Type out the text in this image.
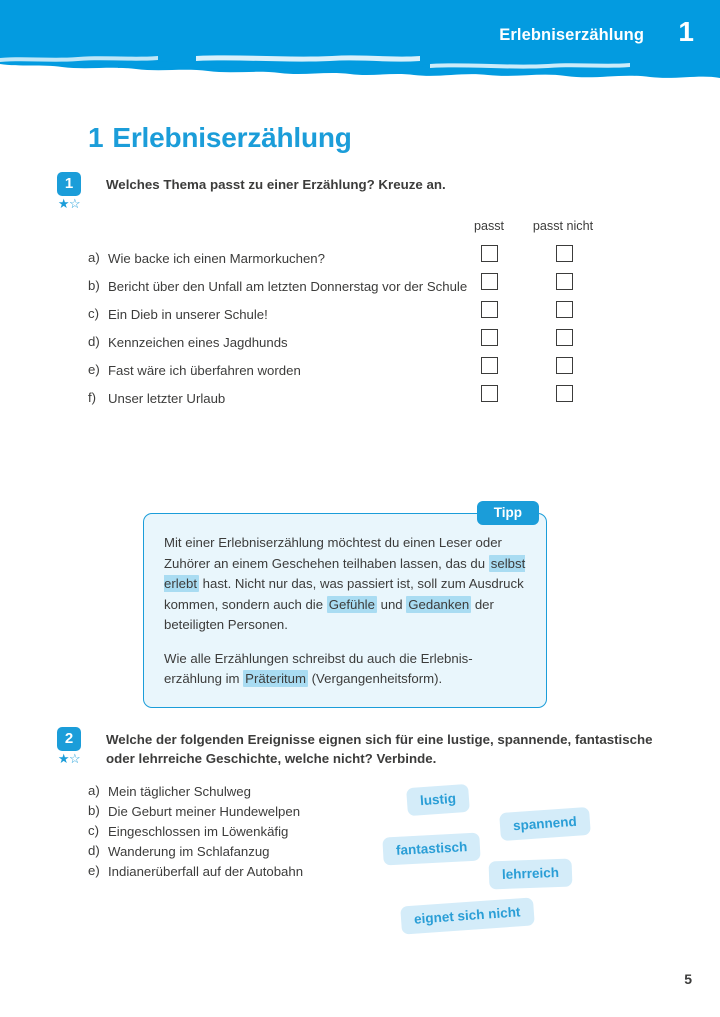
Erlebniserzählung 1
1 Erlebniserzählung
1
★☆
Welches Thema passt zu einer Erzählung? Kreuze an.
passt	passt nicht
a) Wie backe ich einen Marmorkuchen?
b) Bericht über den Unfall am letzten Donnerstag vor der Schule
c) Ein Dieb in unserer Schule!
d) Kennzeichen eines Jagdhunds
e) Fast wäre ich überfahren worden
f) Unser letzter Urlaub
Tipp

Mit einer Erlebniserzählung möchtest du einen Leser oder Zuhörer an einem Geschehen teilhaben lassen, das du selbst erlebt hast. Nicht nur das, was passiert ist, soll zum Ausdruck kommen, sondern auch die Gefühle und Gedanken der beteiligten Personen.

Wie alle Erzählungen schreibst du auch die Erlebnis-erzählung im Präteritum (Vergangenheitsform).

2
★☆
Welche der folgenden Ereignisse eignen sich für eine lustige, spannende, fantastische oder lehrreiche Geschichte, welche nicht? Verbinde.
a) Mein täglicher Schulweg
b) Die Geburt meiner Hundewelpen
c) Eingeschlossen im Löwenkäfig
d) Wanderung im Schlafanzug
e) Indianerüberfall auf der Autobahn
lustig
spannend
fantastisch
lehrreich
eignet sich nicht
5
